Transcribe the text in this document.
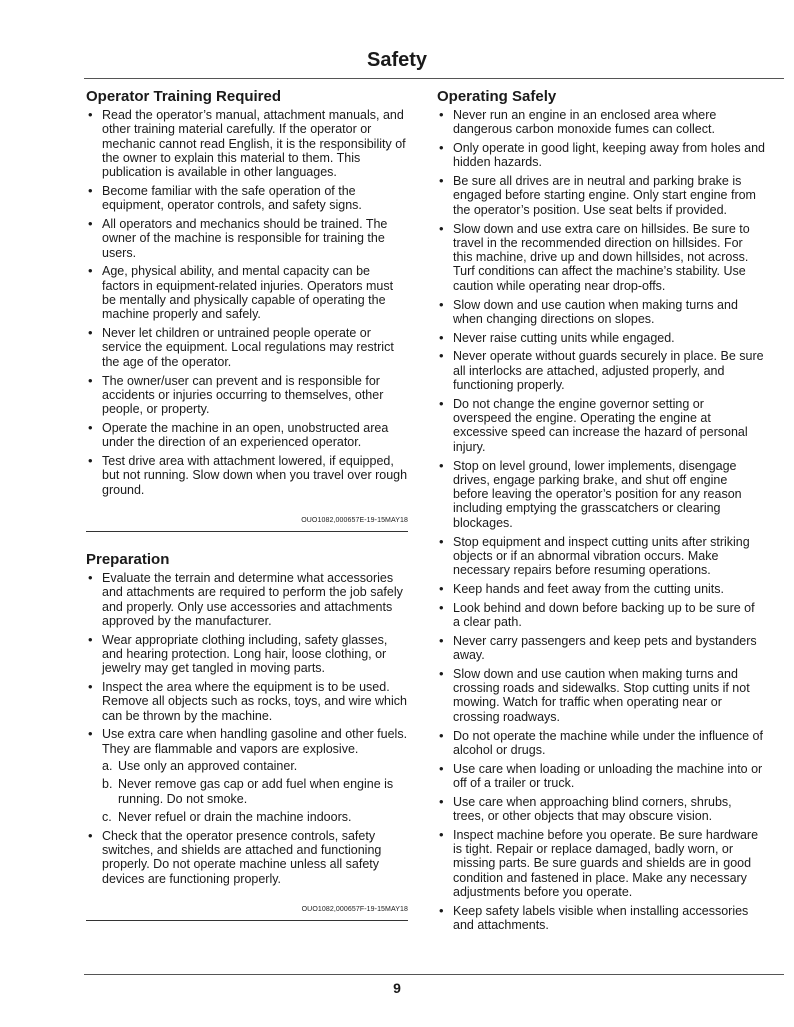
Safety
Operator Training Required
• Read the operator’s manual, attachment manuals, and other training material carefully. If the operator or mechanic cannot read English, it is the responsibility of the owner to explain this material to them. This publication is available in other languages.
• Become familiar with the safe operation of the equipment, operator controls, and safety signs.
• All operators and mechanics should be trained. The owner of the machine is responsible for training the users.
• Age, physical ability, and mental capacity can be factors in equipment-related injuries. Operators must be mentally and physically capable of operating the machine properly and safely.
• Never let children or untrained people operate or service the equipment. Local regulations may restrict the age of the operator.
• The owner/user can prevent and is responsible for accidents or injuries occurring to themselves, other people, or property.
• Operate the machine in an open, unobstructed area under the direction of an experienced operator.
• Test drive area with attachment lowered, if equipped, but not running. Slow down when you travel over rough ground.
OUO1082,000657E-19-15MAY18
Preparation
• Evaluate the terrain and determine what accessories and attachments are required to perform the job safely and properly. Only use accessories and attachments approved by the manufacturer.
• Wear appropriate clothing including, safety glasses, and hearing protection. Long hair, loose clothing, or jewelry may get tangled in moving parts.
• Inspect the area where the equipment is to be used. Remove all objects such as rocks, toys, and wire which can be thrown by the machine.
• Use extra care when handling gasoline and other fuels. They are flammable and vapors are explosive.
a. Use only an approved container.
b. Never remove gas cap or add fuel when engine is running. Do not smoke.
c. Never refuel or drain the machine indoors.
• Check that the operator presence controls, safety switches, and shields are attached and functioning properly. Do not operate machine unless all safety devices are functioning properly.
OUO1082,000657F-19-15MAY18
Operating Safely
• Never run an engine in an enclosed area where dangerous carbon monoxide fumes can collect.
• Only operate in good light, keeping away from holes and hidden hazards.
• Be sure all drives are in neutral and parking brake is engaged before starting engine. Only start engine from the operator’s position. Use seat belts if provided.
• Slow down and use extra care on hillsides. Be sure to travel in the recommended direction on hillsides. For this machine, drive up and down hillsides, not across. Turf conditions can affect the machine’s stability. Use caution while operating near drop-offs.
• Slow down and use caution when making turns and when changing directions on slopes.
• Never raise cutting units while engaged.
• Never operate without guards securely in place. Be sure all interlocks are attached, adjusted properly, and functioning properly.
• Do not change the engine governor setting or overspeed the engine. Operating the engine at excessive speed can increase the hazard of personal injury.
• Stop on level ground, lower implements, disengage drives, engage parking brake, and shut off engine before leaving the operator’s position for any reason including emptying the grasscatchers or clearing blockages.
• Stop equipment and inspect cutting units after striking objects or if an abnormal vibration occurs. Make necessary repairs before resuming operations.
• Keep hands and feet away from the cutting units.
• Look behind and down before backing up to be sure of a clear path.
• Never carry passengers and keep pets and bystanders away.
• Slow down and use caution when making turns and crossing roads and sidewalks. Stop cutting units if not mowing. Watch for traffic when operating near or crossing roadways.
• Do not operate the machine while under the influence of alcohol or drugs.
• Use care when loading or unloading the machine into or off of a trailer or truck.
• Use care when approaching blind corners, shrubs, trees, or other objects that may obscure vision.
• Inspect machine before you operate. Be sure hardware is tight. Repair or replace damaged, badly worn, or missing parts. Be sure guards and shields are in good condition and fastened in place. Make any necessary adjustments before you operate.
• Keep safety labels visible when installing accessories and attachments.
9
